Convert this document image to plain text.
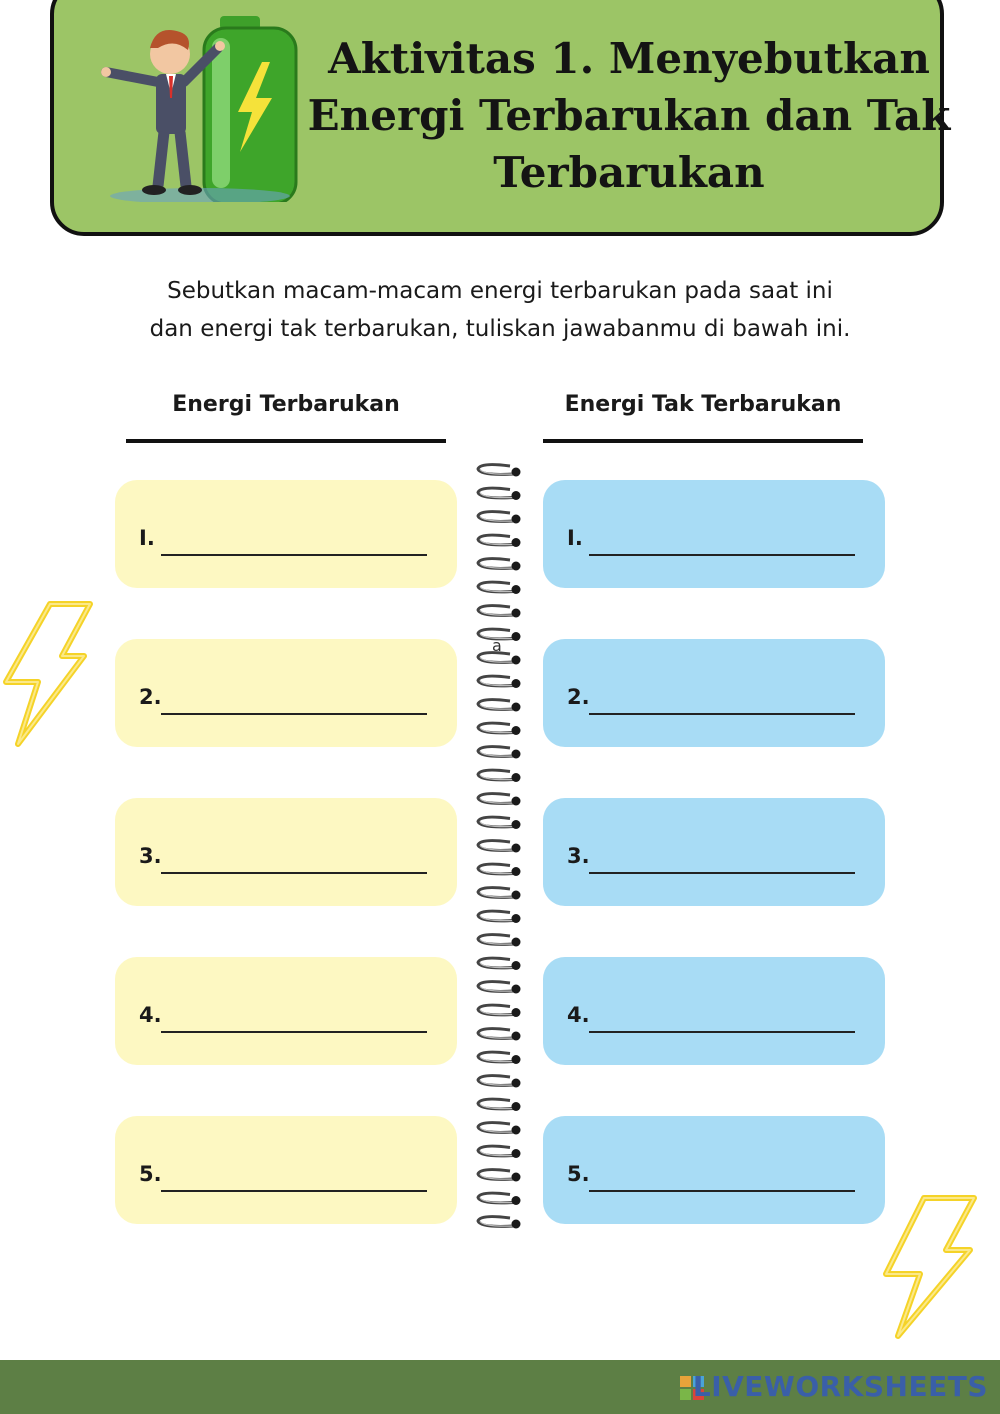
Aktivitas 1. Menyebutkan Energi Terbarukan dan Tak Terbarukan
Sebutkan macam-macam energi terbarukan pada saat ini
dan energi tak terbarukan, tuliskan jawabanmu di bawah ini.
Energi Terbarukan	Energi Tak Terbarukan
I.
2.
3.
4.
5.
I.
2.
3.
4.
5.
a
LIVEWORKSHEETS
